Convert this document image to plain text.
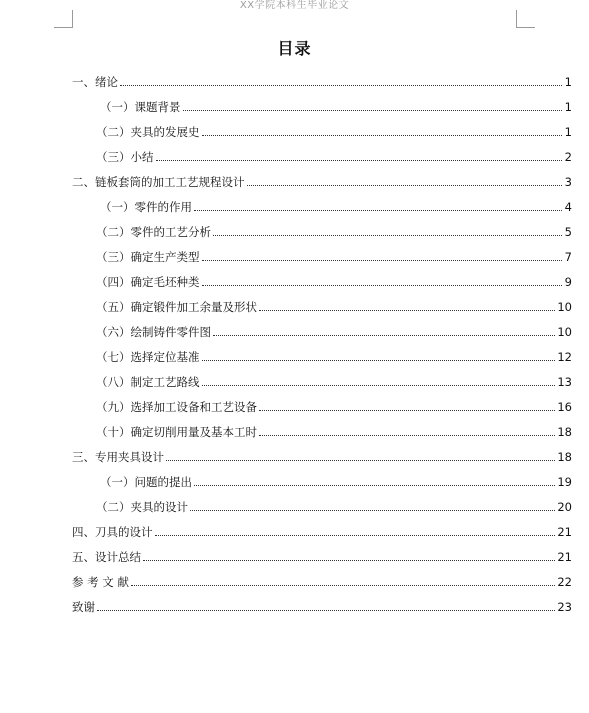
XX学院本科生毕业论文
目录
一、绪论	1
（一）课题背景	1
（二）夹具的发展史	1
（三）小结	2
二、链板套筒的加工工艺规程设计	3
（一）零件的作用	4
（二）零件的工艺分析	5
（三）确定生产类型	7
（四）确定毛坯种类	9
（五）确定锻件加工余量及形状	10
（六）绘制铸件零件图	10
（七）选择定位基准	12
（八）制定工艺路线	13
（九）选择加工设备和工艺设备	16
（十）确定切削用量及基本工时	18
三、专用夹具设计	18
（一）问题的提出	19
（二）夹具的设计	20
四、刀具的设计	21
五、设计总结	21
参 考 文 献	22
致谢	23
